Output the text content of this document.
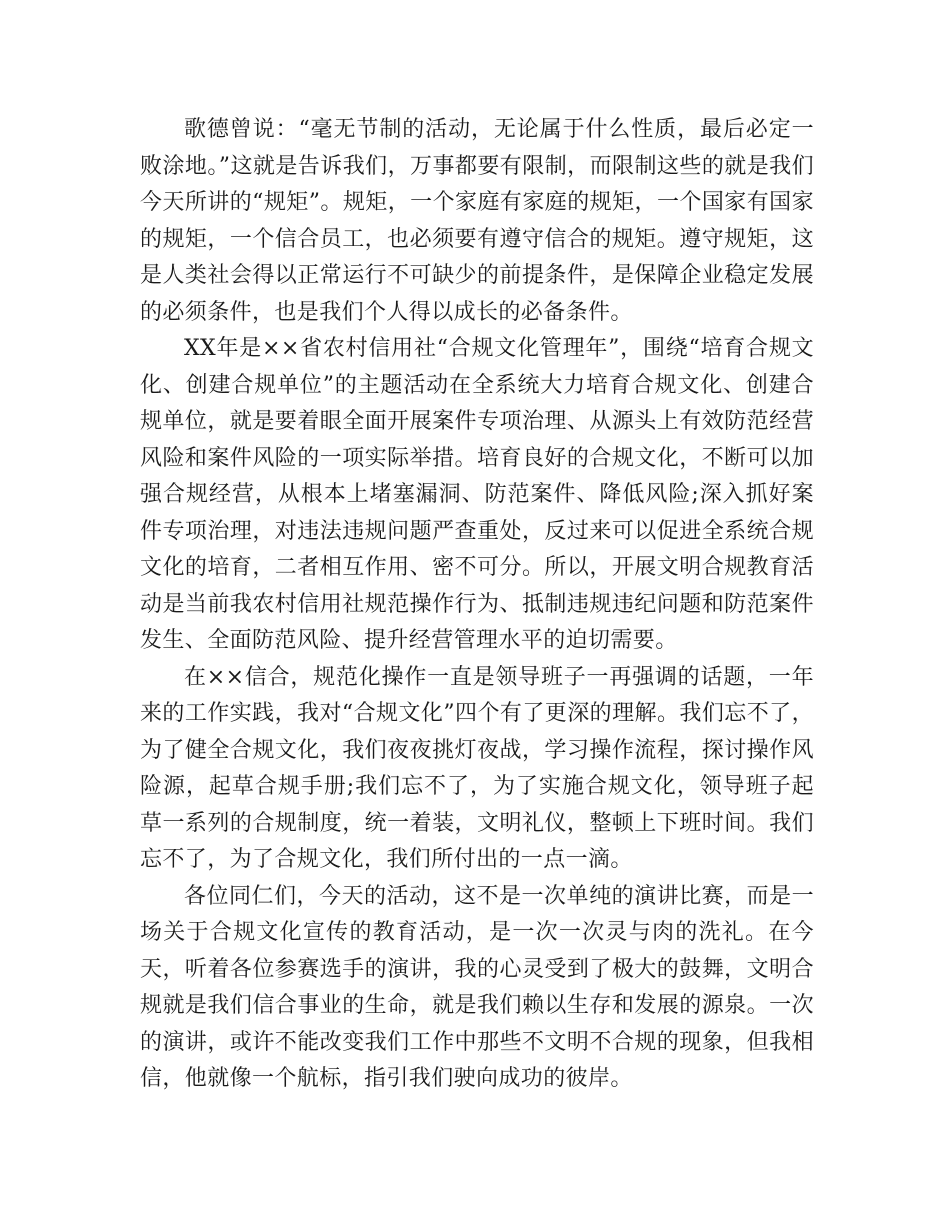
歌德曾说：“毫无节制的活动，无论属于什么性质，最后必定一败涂地。”这就是告诉我们，万事都要有限制，而限制这些的就是我们今天所讲的“规矩”。规矩，一个家庭有家庭的规矩，一个国家有国家的规矩，一个信合员工，也必须要有遵守信合的规矩。遵守规矩，这是人类社会得以正常运行不可缺少的前提条件，是保障企业稳定发展的必须条件，也是我们个人得以成长的必备条件。

XX年是××省农村信用社“合规文化管理年”，围绕“培育合规文化、创建合规单位”的主题活动在全系统大力培育合规文化、创建合规单位，就是要着眼全面开展案件专项治理、从源头上有效防范经营风险和案件风险的一项实际举措。培育良好的合规文化，不断可以加强合规经营，从根本上堵塞漏洞、防范案件、降低风险;深入抓好案件专项治理，对违法违规问题严查重处，反过来可以促进全系统合规文化的培育，二者相互作用、密不可分。所以，开展文明合规教育活动是当前我农村信用社规范操作行为、抵制违规违纪问题和防范案件发生、全面防范风险、提升经营管理水平的迫切需要。

在××信合，规范化操作一直是领导班子一再强调的话题，一年来的工作实践，我对“合规文化”四个有了更深的理解。我们忘不了，为了健全合规文化，我们夜夜挑灯夜战，学习操作流程，探讨操作风险源，起草合规手册;我们忘不了，为了实施合规文化，领导班子起草一系列的合规制度，统一着装，文明礼仪，整顿上下班时间。我们忘不了，为了合规文化，我们所付出的一点一滴。

各位同仁们，今天的活动，这不是一次单纯的演讲比赛，而是一场关于合规文化宣传的教育活动，是一次一次灵与肉的洗礼。在今天，听着各位参赛选手的演讲，我的心灵受到了极大的鼓舞，文明合规就是我们信合事业的生命，就是我们赖以生存和发展的源泉。一次的演讲，或许不能改变我们工作中那些不文明不合规的现象，但我相信，他就像一个航标，指引我们驶向成功的彼岸。
